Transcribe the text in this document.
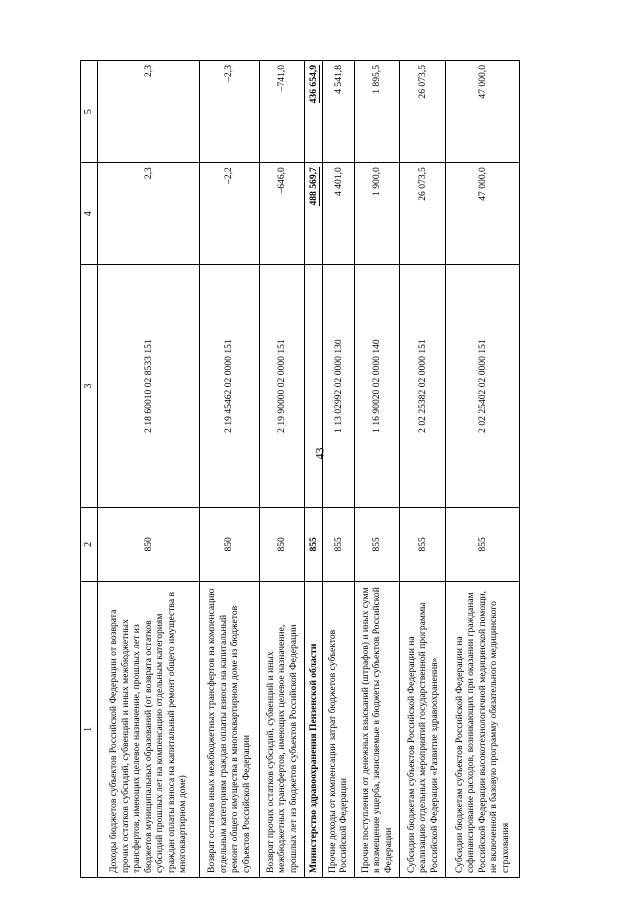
43
1	2	3	4	5
Доходы бюджетов субъектов Российской Федерации от возврата прочих остатков субсидий, субвенций и иных межбюджетных трансфертов, имеющих целевое назначение, прошлых лет из бюджетов муниципальных образований (от возврата остатков субсидий прошлых лет на компенсацию отдельным категориям граждан оплаты взноса на капитальный ремонт общего имущества в многоквартирном доме)	850	2 18 60010 02 8533 151	2,3	2,3
Возврат остатков иных межбюджетных трансфертов на компенсацию отдельным категориям граждан оплаты взноса на капитальный ремонт общего имущества в многоквартирном доме из бюджетов субъектов Российской Федерации	850	2 19 45462 02 0000 151	–2,2	–2,3
Возврат прочих остатков субсидий, субвенций и иных межбюджетных трансфертов, имеющих целевое назначение, прошлых лет из бюджетов субъектов Российской Федерации	850	2 19 90000 02 0000 151	–646,0	–741,0
Министерство здравоохранения Пензенской области	855		488 569,7	436 654,9
Прочие доходы от компенсации затрат бюджетов субъектов Российской Федерации	855	1 13 02992 02 0000 130	4 401,0	4 541,8
Прочие поступления от денежных взысканий (штрафов) и иных сумм в возмещение ущерба, зачисляемые в бюджеты субъектов Российской Федерации	855	1 16 90020 02 0000 140	1 900,0	1 895,5
Субсидии бюджетам субъектов Российской Федерации на реализацию отдельных мероприятий государственной программы Российской Федерации «Развитие здравоохранения»	855	2 02 25382 02 0000 151	26 073,5	26 073,5
Субсидии бюджетам субъектов Российской Федерации на софинансирование расходов, возникающих при оказании гражданам Российской Федерации высокотехнологичной медицинской помощи, не включенной в базовую программу обязательного медицинского страхования	855	2 02 25402 02 0000 151	47 000,0	47 000,0
